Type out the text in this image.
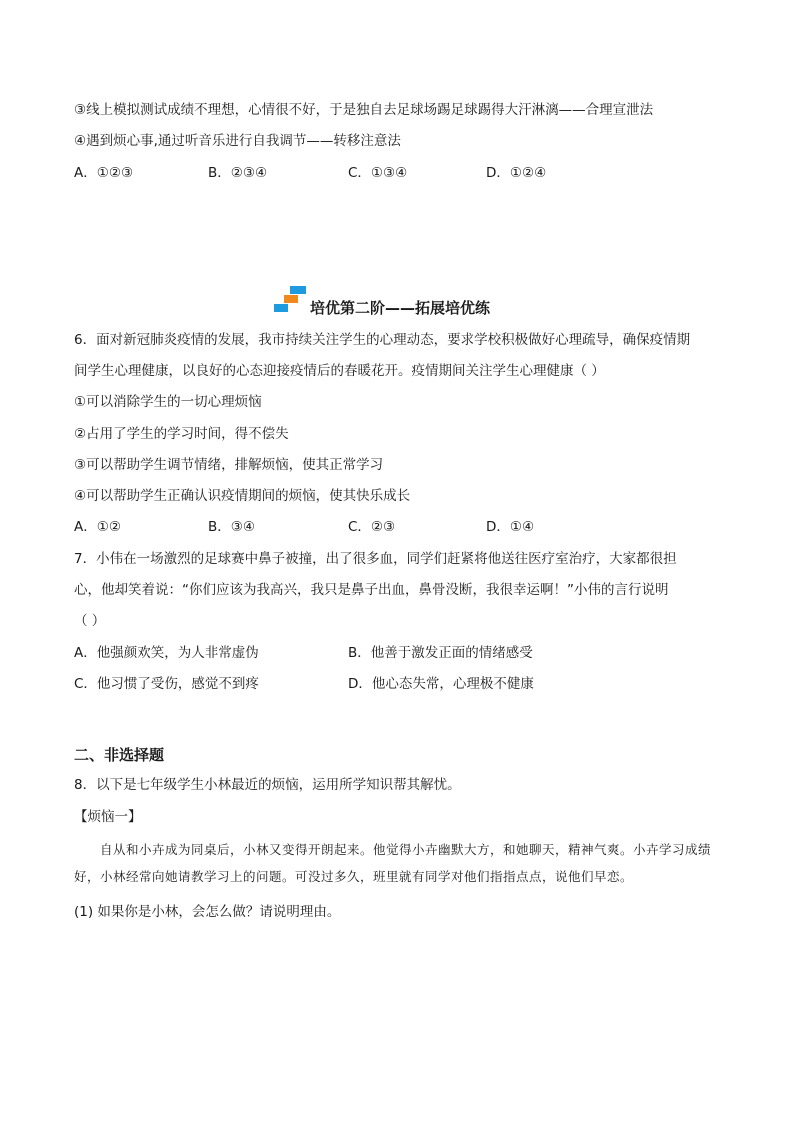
③线上模拟测试成绩不理想，心情很不好，于是独自去足球场踢足球踢得大汗淋漓——合理宣泄法
④遇到烦心事,通过听音乐进行自我调节——转移注意法
A．①②③	B．②③④	C．①③④	D．①②④
培优第二阶——拓展培优练
6．面对新冠肺炎疫情的发展，我市持续关注学生的心理动态，要求学校积极做好心理疏导，确保疫情期
间学生心理健康，以良好的心态迎接疫情后的春暖花开。疫情期间关注学生心理健康（ ）
①可以消除学生的一切心理烦恼
②占用了学生的学习时间，得不偿失
③可以帮助学生调节情绪，排解烦恼，使其正常学习
④可以帮助学生正确认识疫情期间的烦恼，使其快乐成长
A．①②	B．③④	C．②③	D．①④
7．小伟在一场激烈的足球赛中鼻子被撞，出了很多血，同学们赶紧将他送往医疗室治疗，大家都很担
心，他却笑着说：“你们应该为我高兴，我只是鼻子出血，鼻骨没断，我很幸运啊！”小伟的言行说明
（ ）
A．他强颜欢笑，为人非常虚伪	B．他善于激发正面的情绪感受
C．他习惯了受伤，感觉不到疼	D．他心态失常，心理极不健康
二、非选择题
8．以下是七年级学生小林最近的烦恼，运用所学知识帮其解忧。
【烦恼一】
自从和小卉成为同桌后，小林又变得开朗起来。他觉得小卉幽默大方，和她聊天，精神气爽。小卉学习成绩好，小林经常向她请教学习上的问题。可没过多久，班里就有同学对他们指指点点，说他们早恋。
(1) 如果你是小林，会怎么做？请说明理由。
